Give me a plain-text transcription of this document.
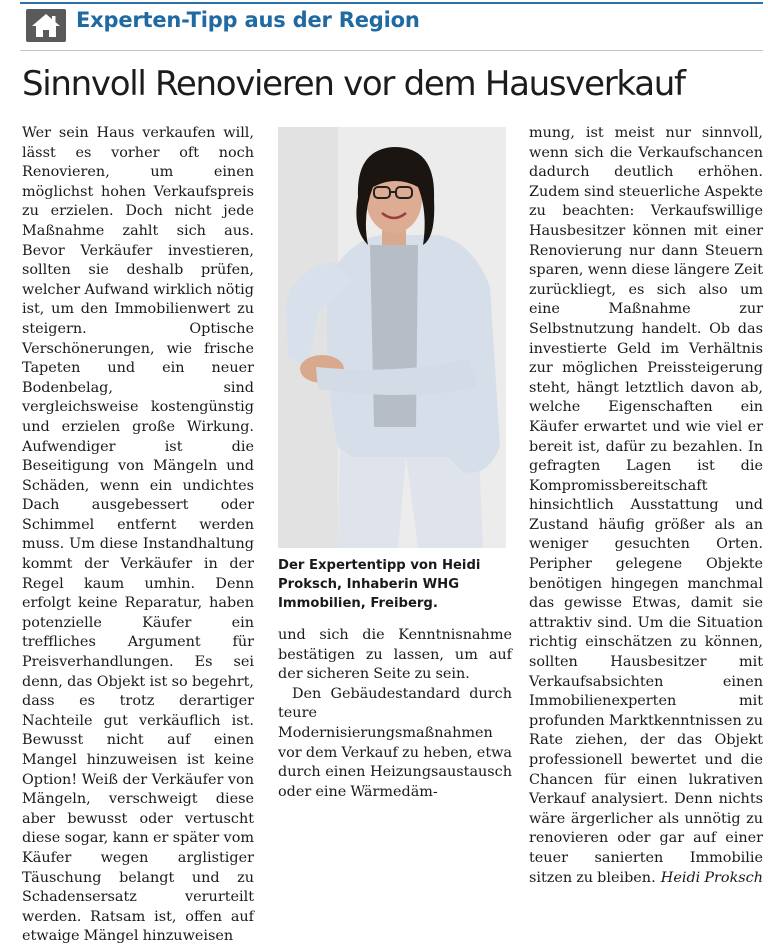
Experten-Tipp aus der Region
Sinnvoll Renovieren vor dem Hausverkauf

Wer sein Haus verkaufen will, lässt es vorher oft noch Renovieren, um einen möglichst hohen Verkaufspreis zu erzielen. Doch nicht jede Maßnahme zahlt sich aus. Bevor Verkäufer investieren, sollten sie deshalb prüfen, welcher Aufwand wirklich nötig ist, um den Immobilienwert zu steigern. Optische Verschönerungen, wie frische Tapeten und ein neuer Bodenbelag, sind vergleichsweise kostengünstig und erzielen große Wirkung. Aufwendiger ist die Beseitigung von Mängeln und Schäden, wenn ein undichtes Dach ausgebessert oder Schimmel entfernt werden muss. Um diese Instandhaltung kommt der Verkäufer in der Regel kaum umhin. Denn erfolgt keine Reparatur, haben potenzielle Käufer ein treffliches Argument für Preisverhandlungen. Es sei denn, das Objekt ist so begehrt, dass es trotz derartiger Nachteile gut verkäuflich ist. Bewusst nicht auf einen Mangel hinzuweisen ist keine Option! Weiß der Verkäufer von Mängeln, verschweigt diese aber bewusst oder vertuscht diese sogar, kann er später vom Käufer wegen arglistiger Täuschung belangt und zu Schadensersatz verurteilt werden. Ratsam ist, offen auf etwaige Mängel hinzuweisen

Der Expertentipp von Heidi Proksch, Inhaberin WHG Immobilien, Freiberg.

und sich die Kenntnisnahme bestätigen zu lassen, um auf der sicheren Seite zu sein.

Den Gebäudestandard durch teure Modernisierungsmaßnahmen vor dem Verkauf zu heben, etwa durch einen Heizungsaustausch oder eine Wärmedäm-

mung, ist meist nur sinnvoll, wenn sich die Verkaufschancen dadurch deutlich erhöhen. Zudem sind steuerliche Aspekte zu beachten: Verkaufswillige Hausbesitzer können mit einer Renovierung nur dann Steuern sparen, wenn diese längere Zeit zurückliegt, es sich also um eine Maßnahme zur Selbstnutzung handelt. Ob das investierte Geld im Verhältnis zur möglichen Preissteigerung steht, hängt letztlich davon ab, welche Eigenschaften ein Käufer erwartet und wie viel er bereit ist, dafür zu bezahlen. In gefragten Lagen ist die Kompromissbereitschaft hinsichtlich Ausstattung und Zustand häufig größer als an weniger gesuchten Orten. Peripher gelegene Objekte benötigen hingegen manchmal das gewisse Etwas, damit sie attraktiv sind. Um die Situation richtig einschätzen zu können, sollten Hausbesitzer mit Verkaufsabsichten einen Immobilienexperten mit profunden Marktkenntnissen zu Rate ziehen, der das Objekt professionell bewertet und die Chancen für einen lukrativen Verkauf analysiert. Denn nichts wäre ärgerlicher als unnötig zu renovieren oder gar auf einer teuer sanierten Immobilie sitzen zu bleiben. Heidi Proksch
